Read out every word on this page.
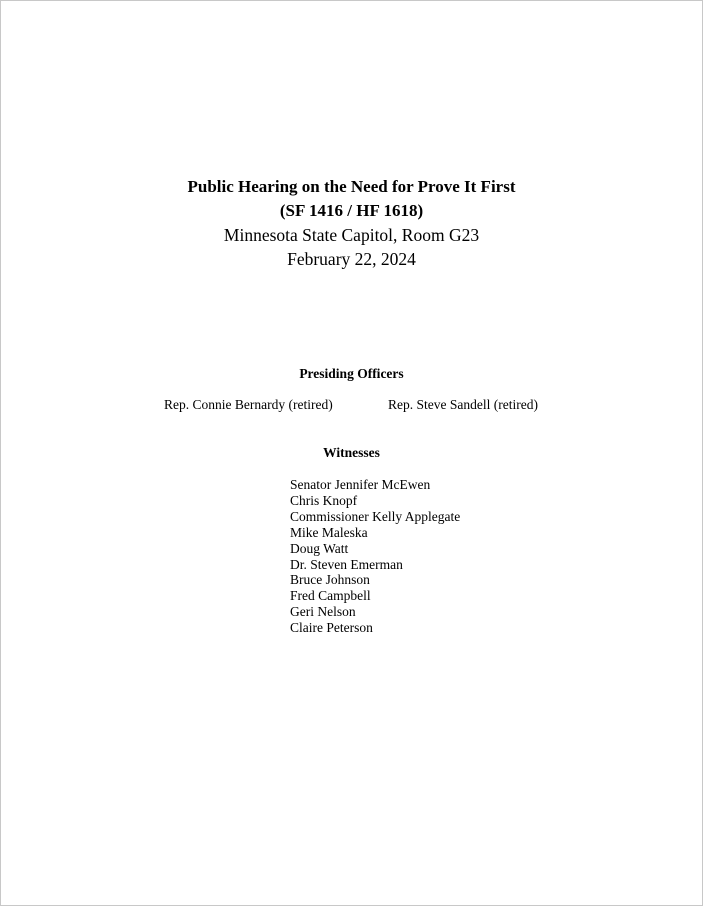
Public Hearing on the Need for Prove It First
(SF 1416 / HF 1618)
Minnesota State Capitol, Room G23
February 22, 2024
Presiding Officers
Rep. Connie Bernardy (retired)	Rep. Steve Sandell (retired)
Witnesses
Senator Jennifer McEwen
Chris Knopf
Commissioner Kelly Applegate
Mike Maleska
Doug Watt
Dr. Steven Emerman
Bruce Johnson
Fred Campbell
Geri Nelson
Claire Peterson
